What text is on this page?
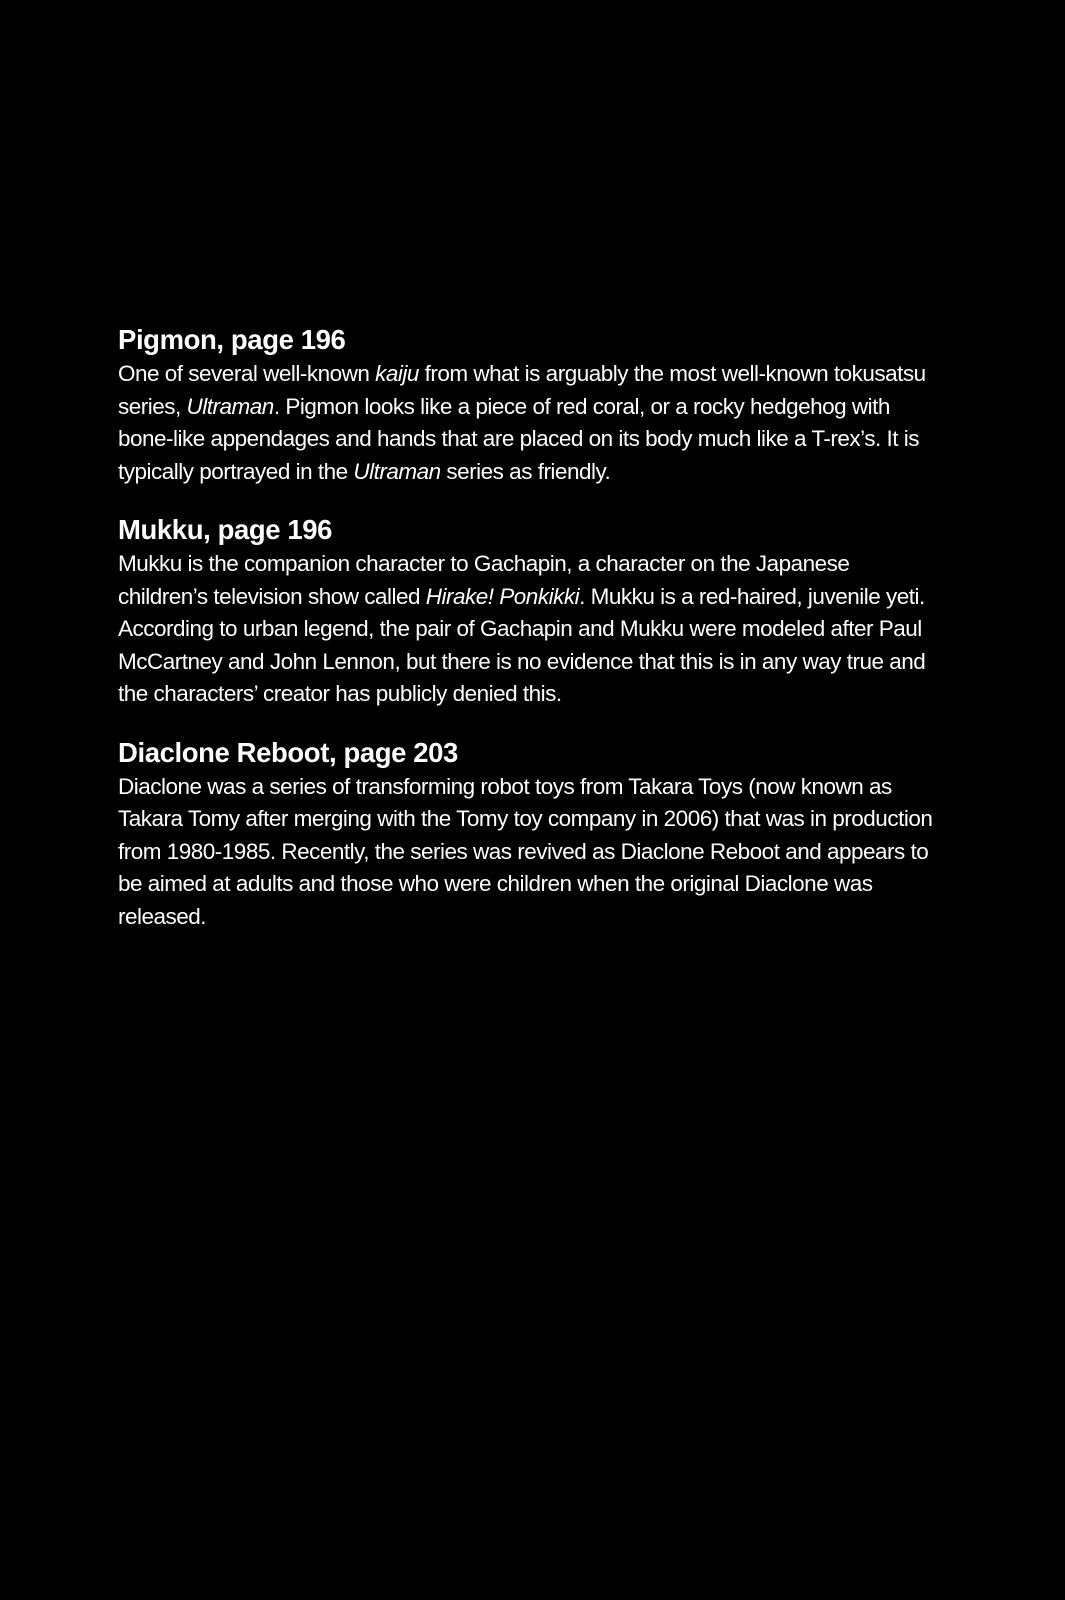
Pigmon, page 196

One of several well-known kaiju from what is arguably the most well-known tokusatsu series, Ultraman. Pigmon looks like a piece of red coral, or a rocky hedgehog with bone-like appendages and hands that are placed on its body much like a T-rex’s. It is typically portrayed in the Ultraman series as friendly.

Mukku, page 196

Mukku is the companion character to Gachapin, a character on the Japanese children’s television show called Hirake! Ponkikki. Mukku is a red-haired, juvenile yeti. According to urban legend, the pair of Gachapin and Mukku were modeled after Paul McCartney and John Lennon, but there is no evidence that this is in any way true and the characters’ creator has publicly denied this.

Diaclone Reboot, page 203

Diaclone was a series of transforming robot toys from Takara Toys (now known as Takara Tomy after merging with the Tomy toy company in 2006) that was in production from 1980-1985. Recently, the series was revived as Diaclone Reboot and appears to be aimed at adults and those who were children when the original Diaclone was released.
